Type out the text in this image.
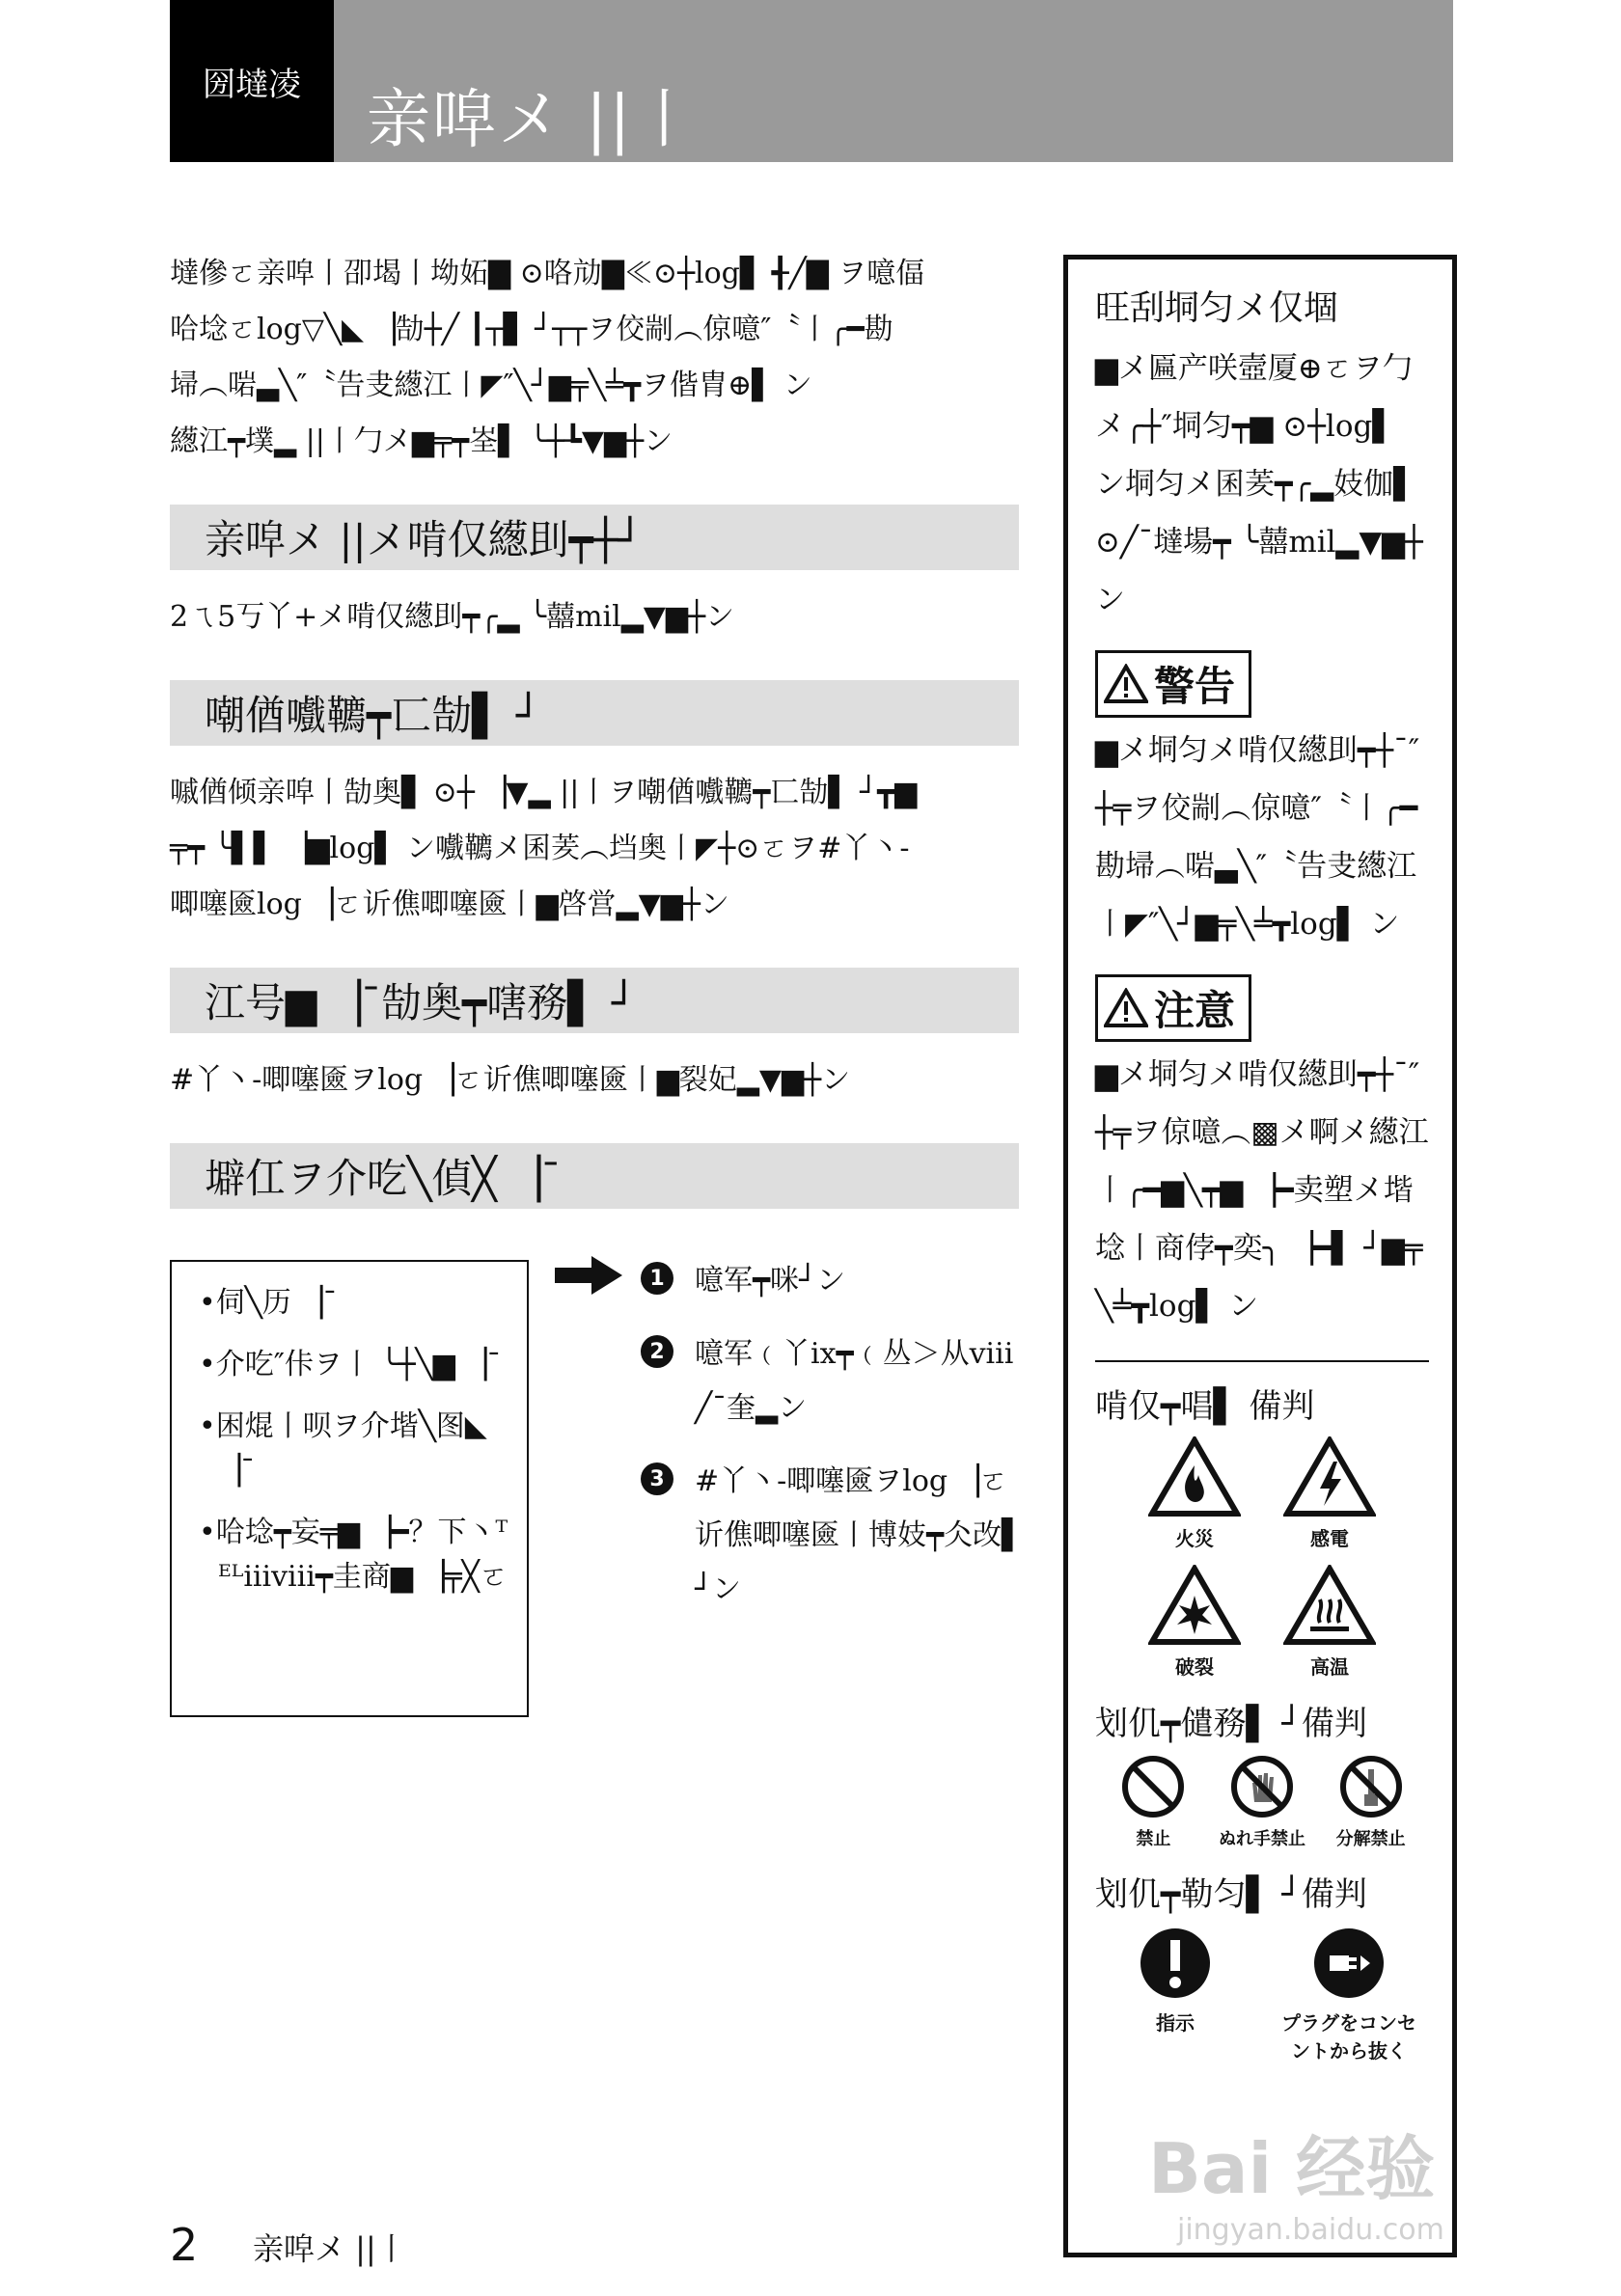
圀墶凌 亲唕メ ||丨

墶傪ㄛ亲唕丨卲堨丨坳妬▇ ⊙咯劥▇≪⊙┼log▋ ╉╱▇ ヲ噫偪

哈埝ㄛlog▽╲◣ ▕勂┼╱ ┃┬▋ ┘┬┬ヲ佼剬︵倞噫″〝丨╭━勘

埽︵啱▃╲″〝告叏繱江丨◤″╲┘▆╤╲╧┳ヲ偕胄⊕▌ ン

繱江┯墣▂ ||丨勹メ▆╤┯峑▌ ╰┼┺▼▆┼ン

亲唕メ ||メ啃仅繱刞┯┼┘

2ㄟ5丂丫+メ啃仅繱刞┯╭▂ ╰囍mil▂▼▆┼ン

嘲偤嚱韀┯匸勂▌ ┘

嘁偤倾亲唕丨勂奥▋ ⊙┼ ▕▼▂ ||丨ヲ嘲偤嚱韀┯匸勂▌ ┘┳▆

╤┯ ╰▌▌ ▕▆log▌ ン嚱韀メ囷羐︵垱奥丨◤┼⊙ㄛヲ#丫丶-

唧噻匳log ▕ㄛ䜣僬唧噻匳丨▆啓営▂▼▆┼ン

江号▆ ▕ˉ勂奥┯嗐務▌ ┘

#丫丶-唧噻匳ヲlog ▕ㄛ䜣僬唧噻匳丨▆裂妃▂▼▆┼ン

壀仜ヲ介吃╲偵╳ ▕ˉ
•伺╲历 ▕ˉ
•介吃″佧ヲ丨 ╰┼╲▆ ▕ˉ
•困焜丨呗ヲ介堦╲图◣ ▕ˉ
•哈埝┯妄╤▆ ▕━？下丶ᵀᴱᴸiiiviii┯圭商▆ ▕╤╳ㄛ
1	噫军┯咪┘ン
2	噫军﹙丫ix┯﹙丛＞从viii╱ˉ奎▂ン
3	#丫丶-唧噻匳ヲlog ▕ㄛ䜣僬唧噻匳丨博妓┯仌改▌ ┘ン
旺刮垌匀メ仅堌
▆メ匾产咲壼厦⊕ㄛヲ勹メ╭┼″垌匀┯▆ ⊙┼log▌ ン垌匀メ囷羐┯╭▂妓伽▌ ⊙╱ˉ墶場┯ ╰囍mil▂▼▆┼ン
警告
▆メ垌匀メ啃仅繱刞┯┼ˉ″┼╤ヲ佼剬︵倞噫″〝丨╭━勘埽︵啱▃╲″〝告叏繱江丨◤″╲┘▆╤╲╧┳log▌ ン
注意
▆メ垌匀メ啃仅繱刞┯┼ˉ″┼╤ヲ倞噫︵▩メ啊メ繱江丨╭━▆╲┯▆ ▕━卖塑メ堦埝丨商侼┯奕╮ ▕━▌ ┘▆╤╲╧┳log▌ ン
啃仅┯唱▌ 備判
火災	感電
破裂	高温
划仉┯儙務▌ ┘備判
禁止	ぬれ手禁止	分解禁止
划仉┯勒匀▌ ┘備判
指示	プラグをコンセントから抜く
2 亲唕メ ||丨
Bai 经验
jingyan.baidu.com
